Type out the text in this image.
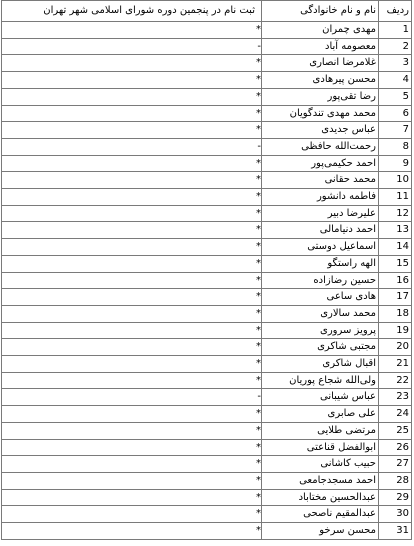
ردیف	نام و نام خانوادگی	ثبت نام در پنجمین دوره شورای اسلامی شهر تهران
1	مهدی چمران	*
2	معصومه آباد	-
3	غلامرضا انصاری	*
4	محسن پیرهادی	*
5	رضا تقی‌پور	*
6	محمد مهدی تندگویان	*
7	عباس جدیدی	*
8	رحمت‌الله حافظی	-
9	احمد حکیمی‌پور	*
10	محمد حقانی	*
11	فاطمه دانشور	*
12	علیرضا دبیر	*
13	احمد دنیامالی	*
14	اسماعیل دوستی	*
15	الهه راستگو	*
16	حسین رضازاده	*
17	هادی ساعی	*
18	محمد سالاری	*
19	پرویز سروری	*
20	مجتبی شاکری	*
21	اقبال شاکری	*
22	ولی‌الله شجاع پوریان	*
23	عباس شیبانی	-
24	علی صابری	*
25	مرتضی طلایی	*
26	ابوالفضل قناعتی	*
27	حبیب کاشانی	*
28	احمد مسجدجامعی	*
29	عبدالحسین مختاباد	*
30	عبدالمقیم ناصحی	*
31	محسن سرخو	*
